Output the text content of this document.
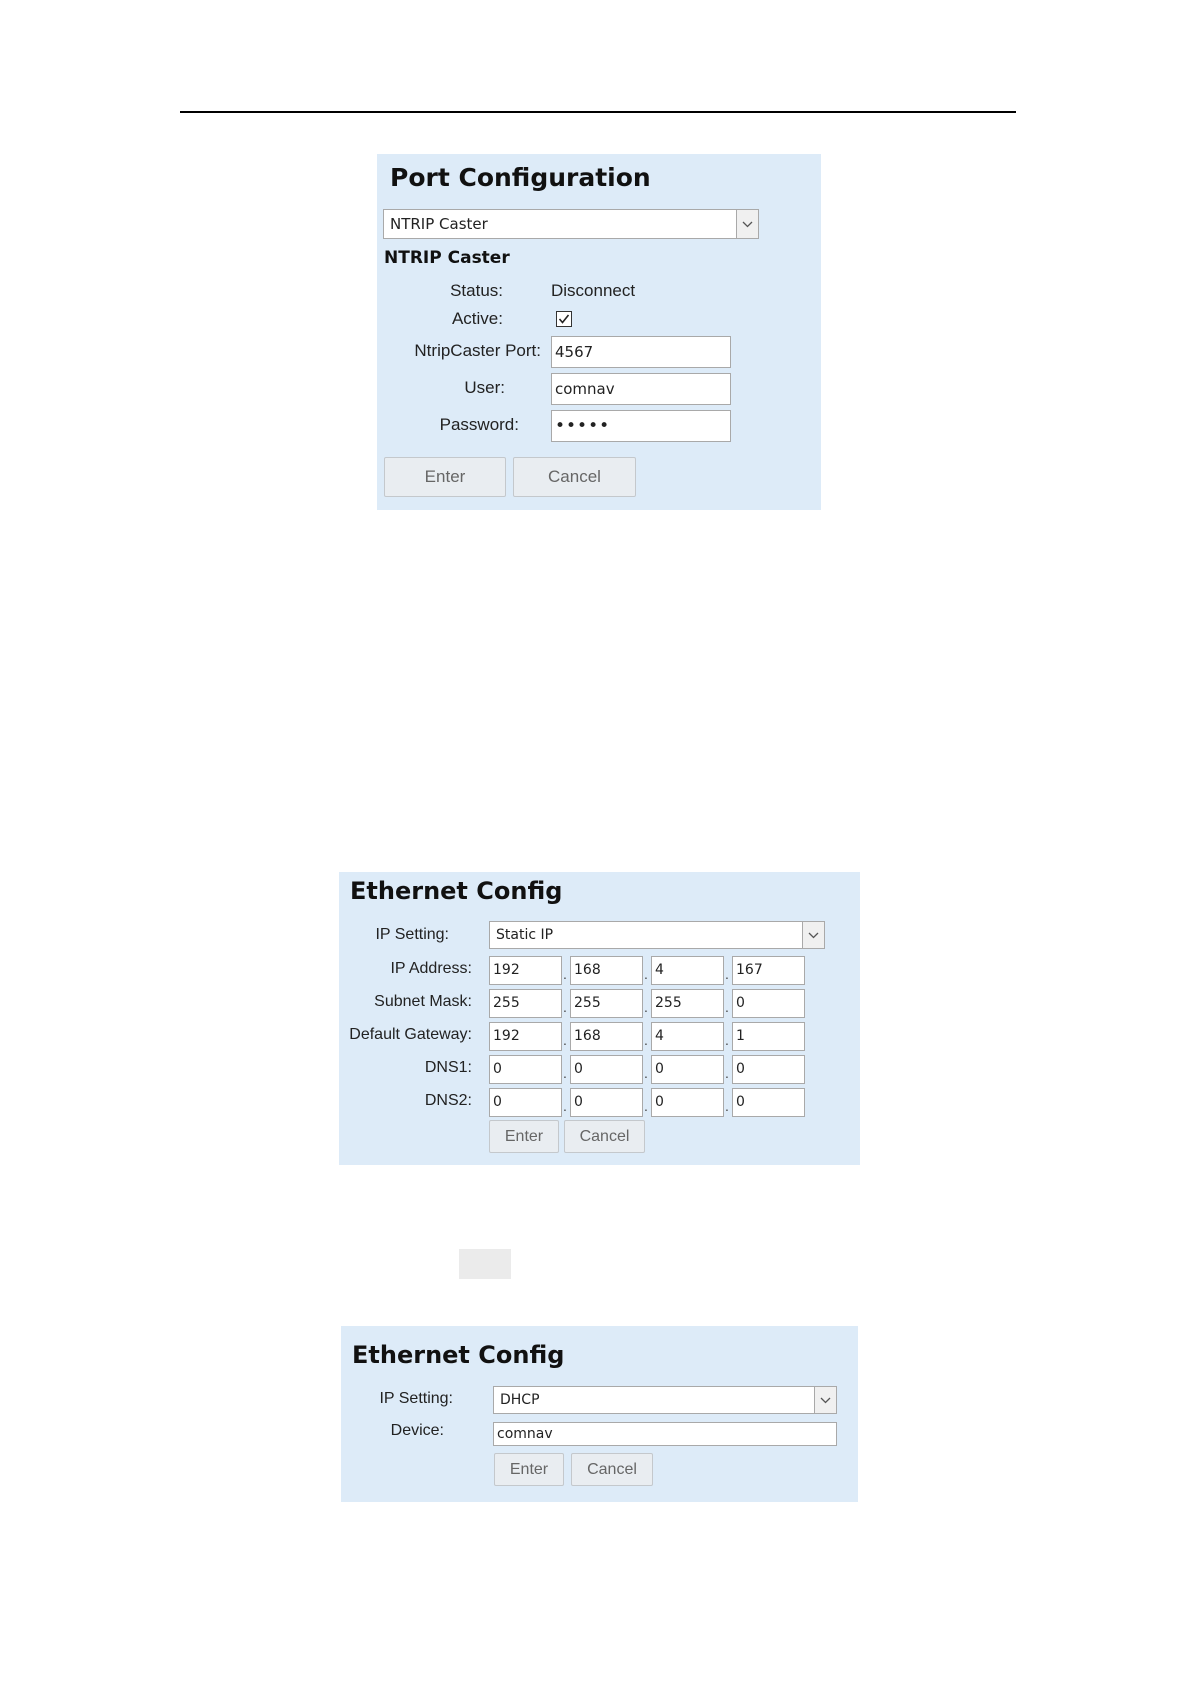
Port Configuration
NTRIP Caster
NTRIP Caster
Status:	Disconnect
Active:
NtripCaster Port: 4567
User:	comnav
Password: •••••
Enter	Cancel
Ethernet Config
IP Setting:	Static IP
IP Address: 192	. 168	. 4	. 167
Subnet Mask: 255	. 255	. 255	. 0
Default Gateway: 192	. 168	. 4	. 1
DNS1: 0	. 0	. 0	. 0
DNS2: 0	. 0	. 0	. 0
Enter	Cancel
Ethernet Config
IP Setting:	DHCP
Device:	comnav
Enter	Cancel
